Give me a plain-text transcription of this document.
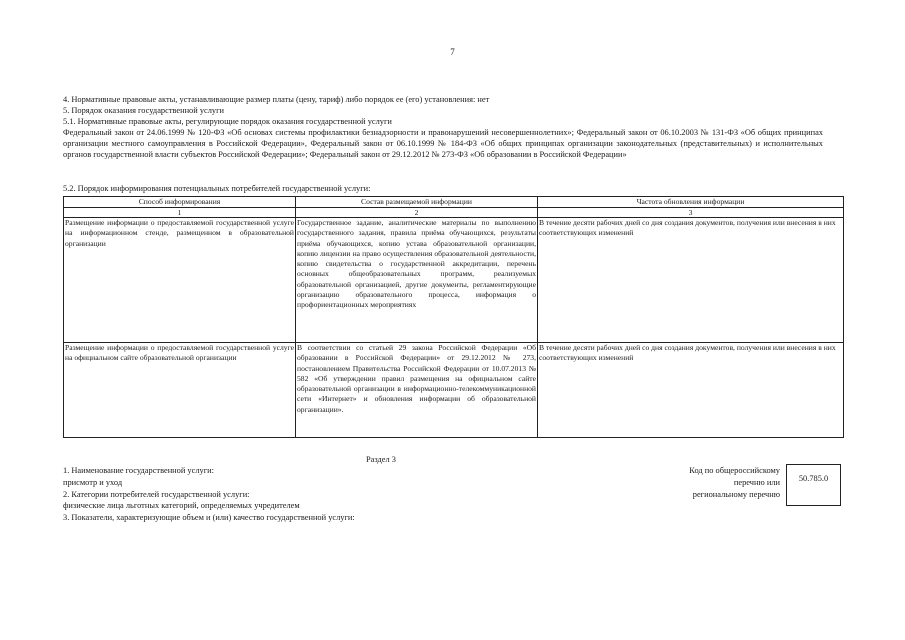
7

4. Нормативные правовые акты, устанавливающие размер платы (цену, тариф) либо порядок ее (его) установления: нет

5. Порядок оказания государственной услуги

5.1. Нормативные правовые акты, регулирующие порядок оказания государственной услуги

Федеральный закон от 24.06.1999 № 120-ФЗ «Об основах системы профилактики безнадзорности и правонарушений несовершеннолетних»; Федеральный закон от 06.10.2003 № 131-ФЗ «Об общих принципах организации местного самоуправления в Российской Федерации», Федеральный закон от 06.10.1999 № 184-ФЗ «Об общих принципах организации законодательных (представительных) и исполнительных органов государственной власти субъектов Российской Федерации»; Федеральный закон от 29.12.2012 № 273-ФЗ «Об образовании в Российской Федерации»

5.2. Порядок информирования потенциальных потребителей государственной услуги:
Способ информирования	Состав размещаемой информации	Частота обновления информации
1	2	3
Размещение информации о предоставляемой государственной услуге на информационном стенде, размещенном в образовательной организации	Государственное задание, аналитические материалы по выполнению государственного задания, правила приёма обучающихся, результаты приёма обучающихся, копию устава образовательной организации, копию лицензии на право осуществления образовательной деятельности, копию свидетельства о государственной аккредитации, перечень основных общеобразовательных программ, реализуемых образовательной организацией, другие документы, регламентирующие организацию образовательного процесса, информация о профориентационных мероприятиях	В течение десяти рабочих дней со дня создания документов, получения или внесения в них соответствующих изменений
Размещение информации о предоставляемой государственной услуге на официальном сайте образовательной организации	В соответствии со статьей 29 закона Российской Федерации «Об образовании в Российской Федерации» от 29.12.2012 № 273, постановлением Правительства Российской Федерации от 10.07.2013 № 582 «Об утверждении правил размещения на официальном сайте образовательной организации в информационно-телекоммуникационной сети «Интернет» и обновления информации об образовательной организации».	В течение десяти рабочих дней со дня создания документов, получения или внесения в них соответствующих изменений
Раздел 3

1. Наименование государственной услуги:

присмотр и уход

2. Категории потребителей государственной услуги:

физические лица льготных категорий, определяемых учредителем

3. Показатели, характеризующие объем и (или) качество государственной услуги:

Код по общероссийскому
перечню или
региональному перечню
50.785.0
